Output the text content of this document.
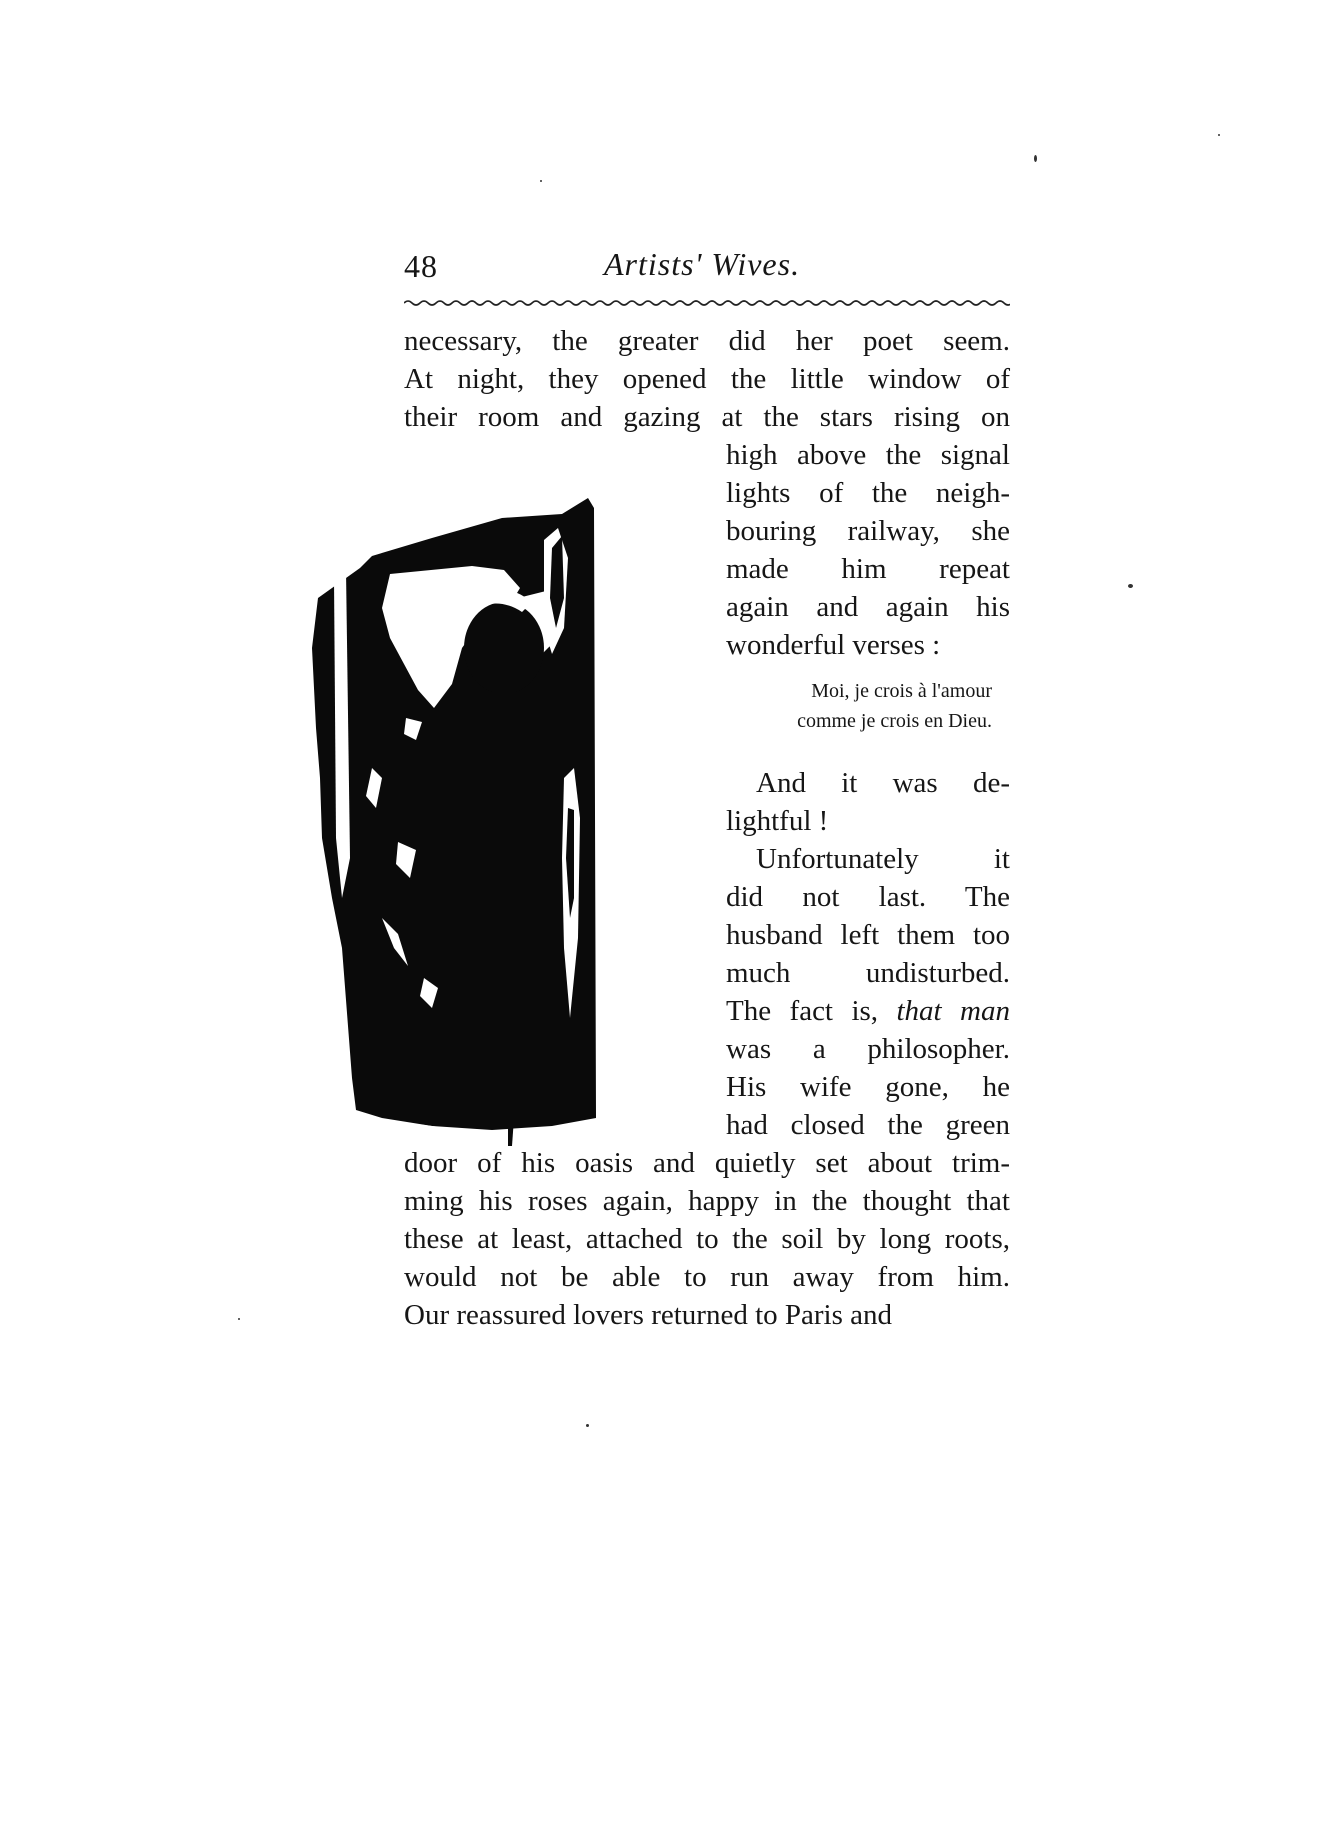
48	Artists' Wives.
necessary, the greater did her poet seem.
At night, they opened the little window of
their room and gazing at the stars rising on
high above the signal
lights of the neigh-
bouring railway, she
made him repeat
again and again his
wonderful verses :
Moi, je crois à l'amour
comme je crois en Dieu.
And it was de-
lightful !
Unfortunately it
did not last. The
husband left them too
much undisturbed.
The fact is, that man
was a philosopher.
His wife gone, he
had closed the green
door of his oasis and quietly set about trim-
ming his roses again, happy in the thought that
these at least, attached to the soil by long roots,
would not be able to run away from him.
Our reassured lovers returned to Paris and
